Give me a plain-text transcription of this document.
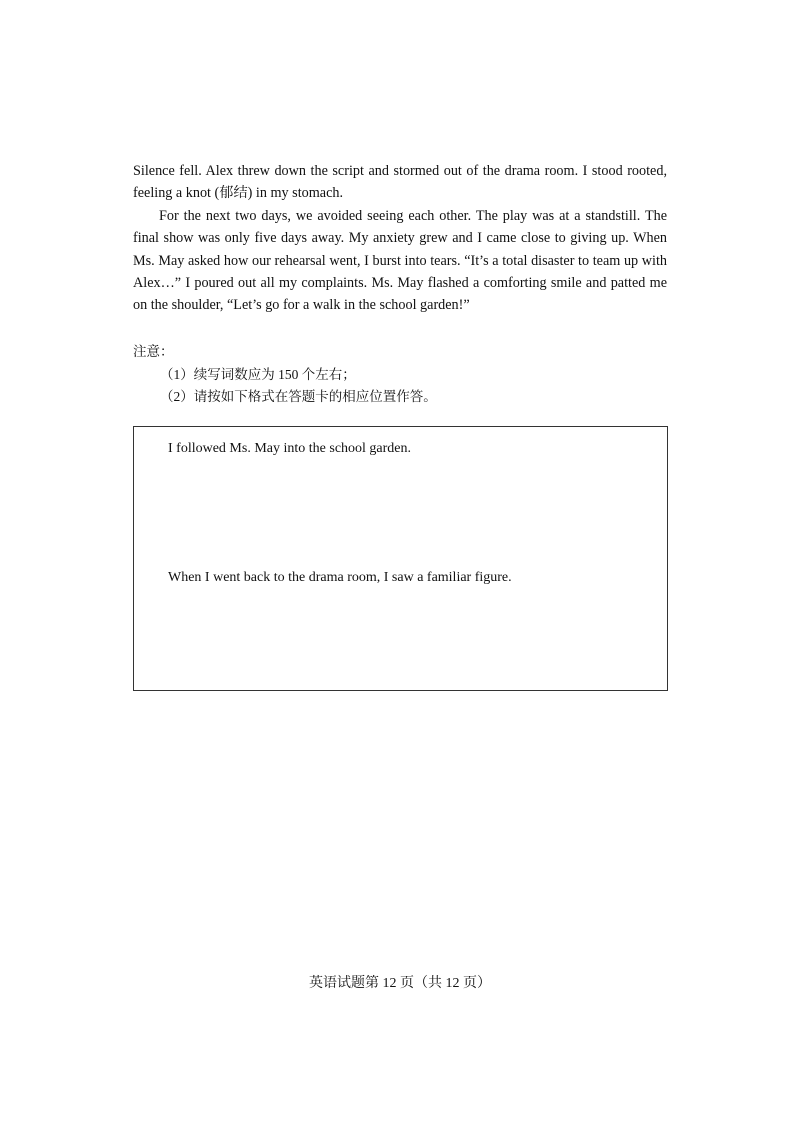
Silence fell. Alex threw down the script and stormed out of the drama room. I stood rooted, feeling a knot (郁结) in my stomach.

For the next two days, we avoided seeing each other. The play was at a standstill. The final show was only five days away. My anxiety grew and I came close to giving up. When Ms. May asked how our rehearsal went, I burst into tears. “It’s a total disaster to team up with Alex…” I poured out all my complaints. Ms. May flashed a comforting smile and patted me on the shoulder, “Let’s go for a walk in the school garden!”

注意：
（1）续写词数应为 150 个左右；
（2）请按如下格式在答题卡的相应位置作答。
I followed Ms. May into the school garden.
When I went back to the drama room, I saw a familiar figure.
英语试题第 12 页（共 12 页）
